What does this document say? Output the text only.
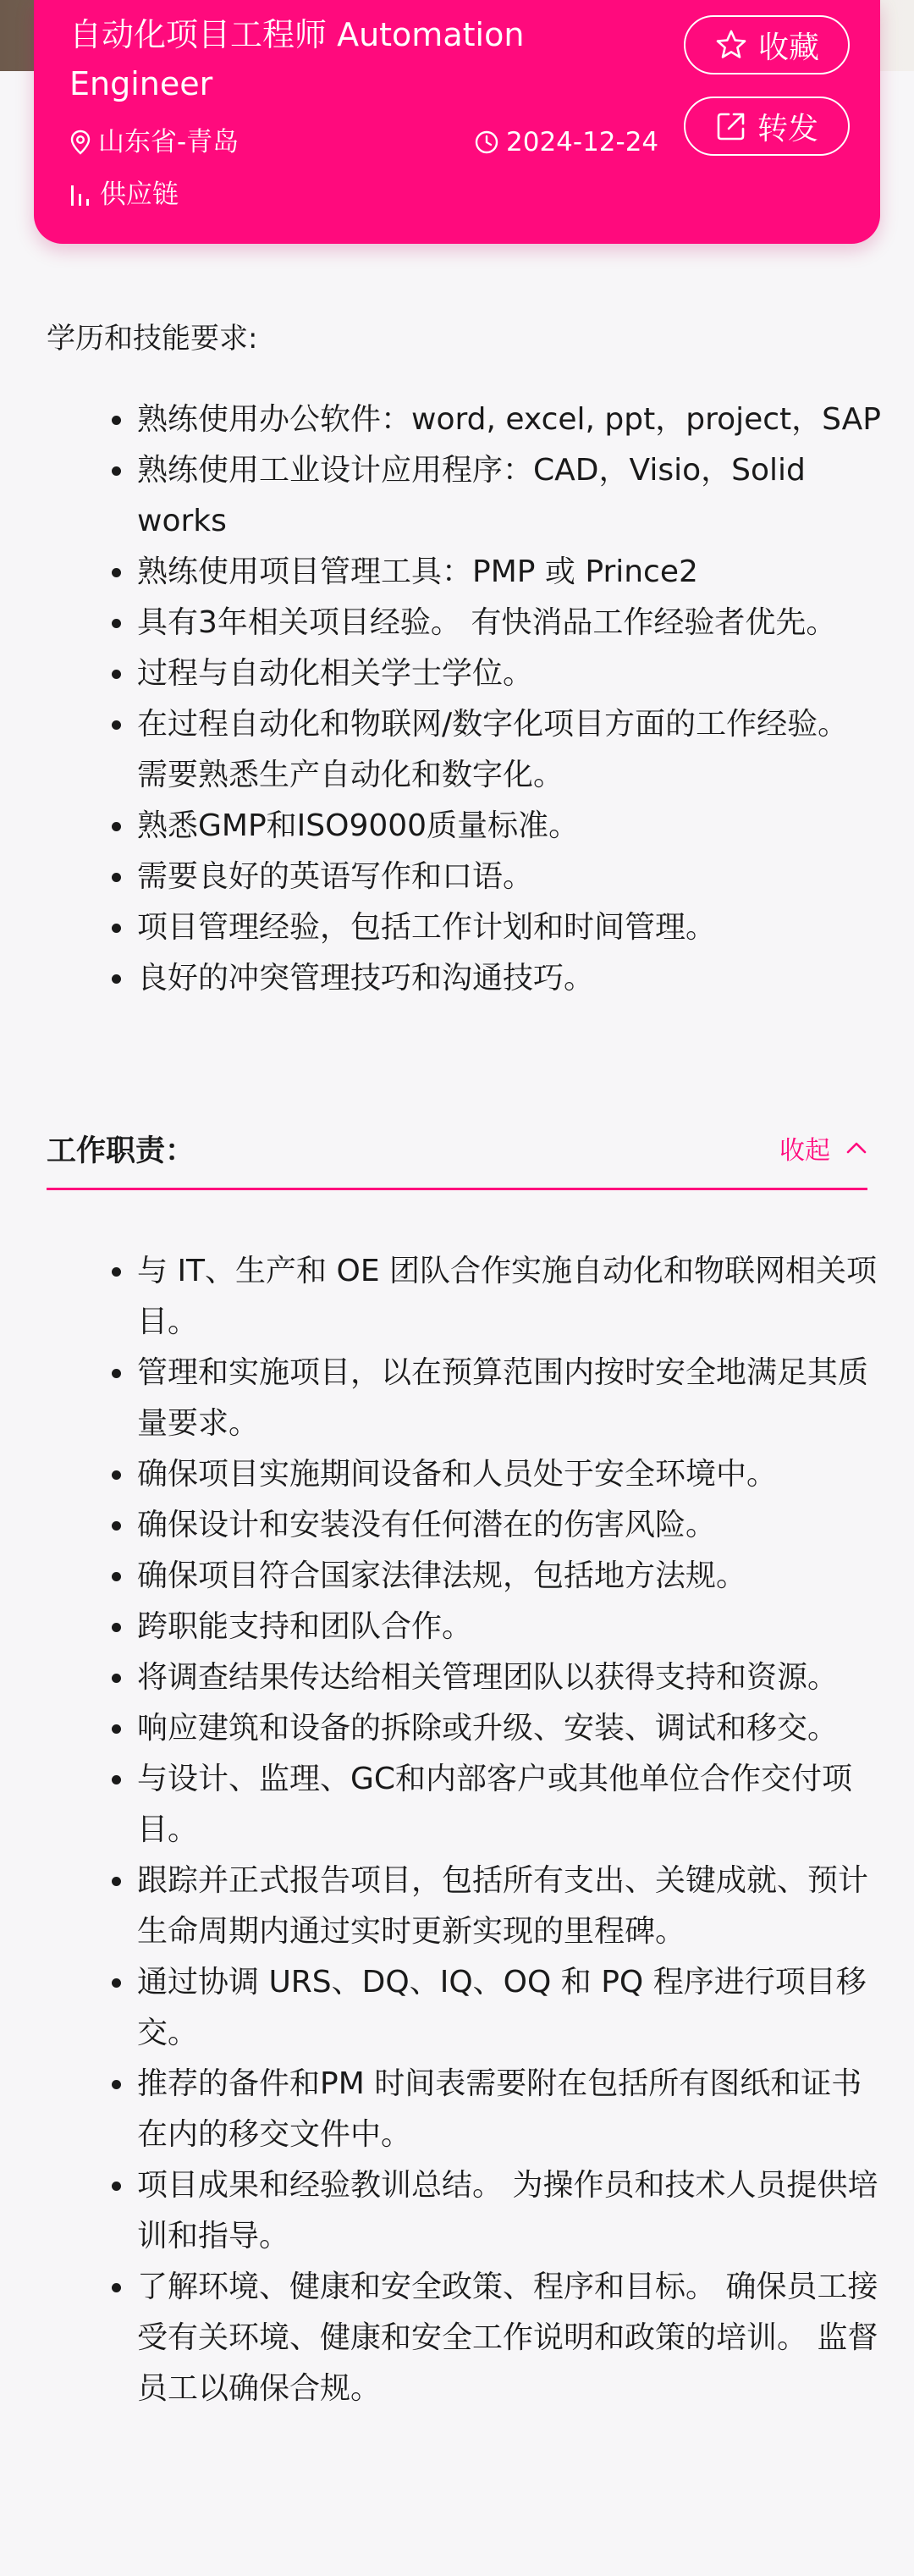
自动化项目工程师 Automation Engineer
山东省-青岛	2024-12-24
供应链
收藏
转发
学历和技能要求:
熟练使用办公软件：word, excel, ppt，project，SAP
熟练使用工业设计应用程序：CAD，Visio，Solid works
熟练使用项目管理工具：PMP 或 Prince2
具有3年相关项目经验。 有快消品工作经验者优先。
过程与自动化相关学士学位。
在过程自动化和物联网/数字化项目方面的工作经验。 需要熟悉生产自动化和数字化。
熟悉GMP和ISO9000质量标准。
需要良好的英语写作和口语。
项目管理经验，包括工作计划和时间管理。
良好的冲突管理技巧和沟通技巧。
工作职责：	收起
与 IT、生产和 OE 团队合作实施自动化和物联网相关项目。
管理和实施项目，以在预算范围内按时安全地满足其质量要求。
确保项目实施期间设备和人员处于安全环境中。
确保设计和安装没有任何潜在的伤害风险。
确保项目符合国家法律法规，包括地方法规。
跨职能支持和团队合作。
将调查结果传达给相关管理团队以获得支持和资源。
响应建筑和设备的拆除或升级、安装、调试和移交。
与设计、监理、GC和内部客户或其他单位合作交付项目。
跟踪并正式报告项目，包括所有支出、关键成就、预计生命周期内通过实时更新实现的里程碑。
通过协调 URS、DQ、IQ、OQ 和 PQ 程序进行项目移交。
推荐的备件和PM 时间表需要附在包括所有图纸和证书在内的移交文件中。
项目成果和经验教训总结。 为操作员和技术人员提供培训和指导。
了解环境、健康和安全政策、程序和目标。 确保员工接受有关环境、健康和安全工作说明和政策的培训。 监督员工以确保合规。
